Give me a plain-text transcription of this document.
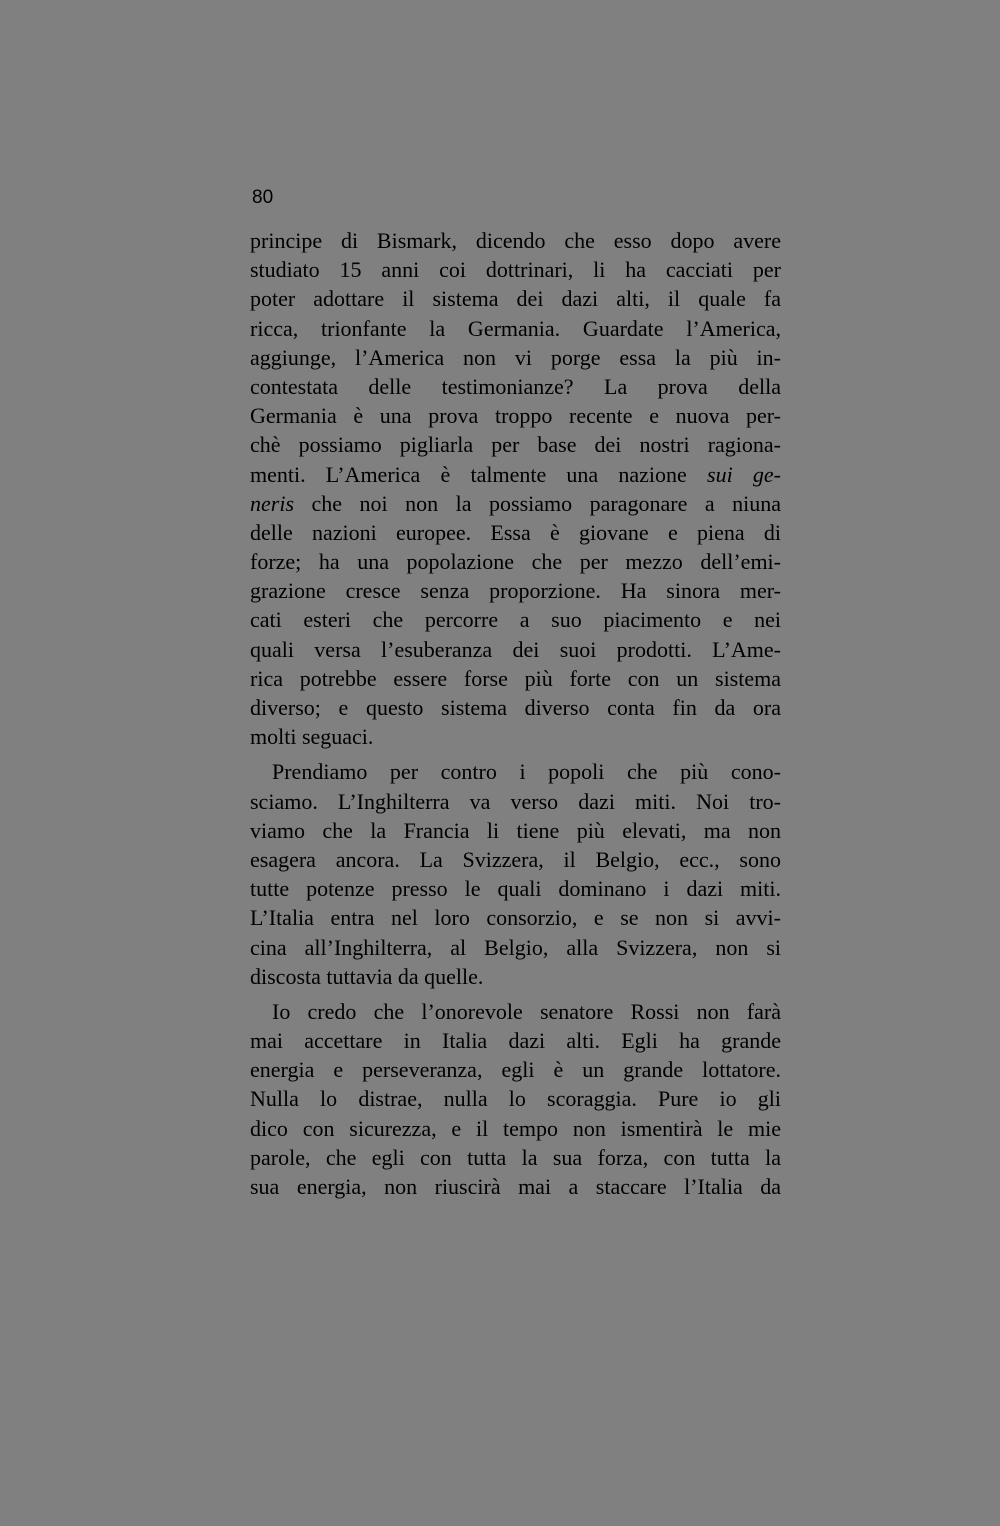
80
principe di Bismark, dicendo che esso dopo avere
studiato 15 anni coi dottrinari, li ha cacciati per
poter adottare il sistema dei dazi alti, il quale fa
ricca, trionfante la Germania. Guardate l’America,
aggiunge, l’America non vi porge essa la più in-
contestata delle testimonianze? La prova della
Germania è una prova troppo recente e nuova per-
chè possiamo pigliarla per base dei nostri ragiona-
menti. L’America è talmente una nazione sui ge-
neris che noi non la possiamo paragonare a niuna
delle nazioni europee. Essa è giovane e piena di
forze; ha una popolazione che per mezzo dell’emi-
grazione cresce senza proporzione. Ha sinora mer-
cati esteri che percorre a suo piacimento e nei
quali versa l’esuberanza dei suoi prodotti. L’Ame-
rica potrebbe essere forse più forte con un sistema
diverso; e questo sistema diverso conta fin da ora
molti seguaci.
Prendiamo per contro i popoli che più cono-
sciamo. L’Inghilterra va verso dazi miti. Noi tro-
viamo che la Francia li tiene più elevati, ma non
esagera ancora. La Svizzera, il Belgio, ecc., sono
tutte potenze presso le quali dominano i dazi miti.
L’Italia entra nel loro consorzio, e se non si avvi-
cina all’Inghilterra, al Belgio, alla Svizzera, non si
discosta tuttavia da quelle.
Io credo che l’onorevole senatore Rossi non farà
mai accettare in Italia dazi alti. Egli ha grande
energia e perseveranza, egli è un grande lottatore.
Nulla lo distrae, nulla lo scoraggia. Pure io gli
dico con sicurezza, e il tempo non ismentirà le mie
parole, che egli con tutta la sua forza, con tutta la
sua energia, non riuscirà mai a staccare l’Italia da
